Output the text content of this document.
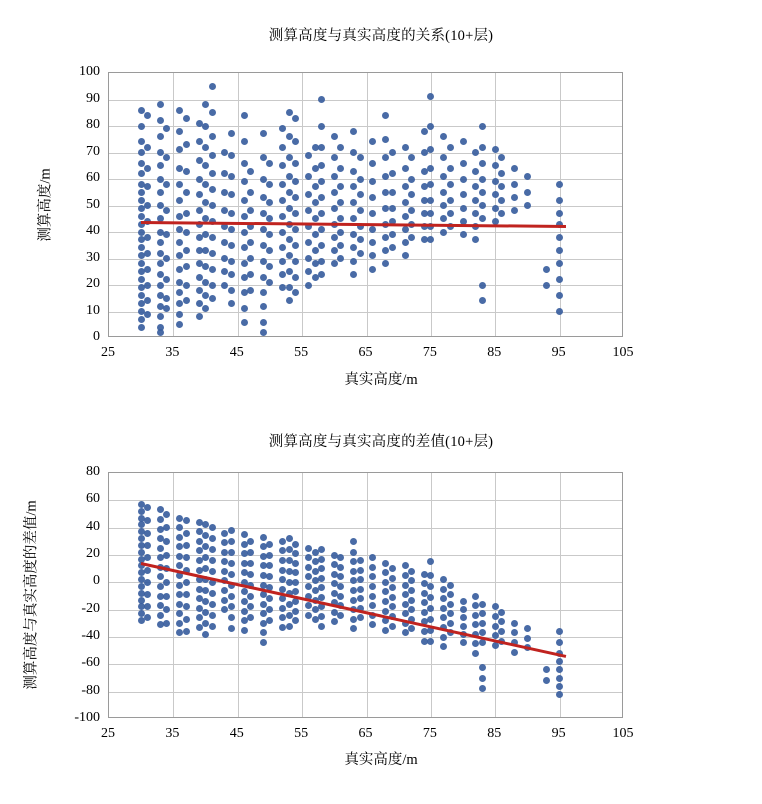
测算高度与真实高度的关系(10+层)
真实高度/m
测算高度/m
25	35	45	55	65	75	85	95	105
0
10
20
30
40
50
60
70
80
90
100
测算高度与真实高度的差值(10+层)
真实高度/m
测算高度与真实高度的差值/m
25	35	45	55	65	75	85	95	105
-100
-80
-60
-40
-20
0
20
40
60
80
